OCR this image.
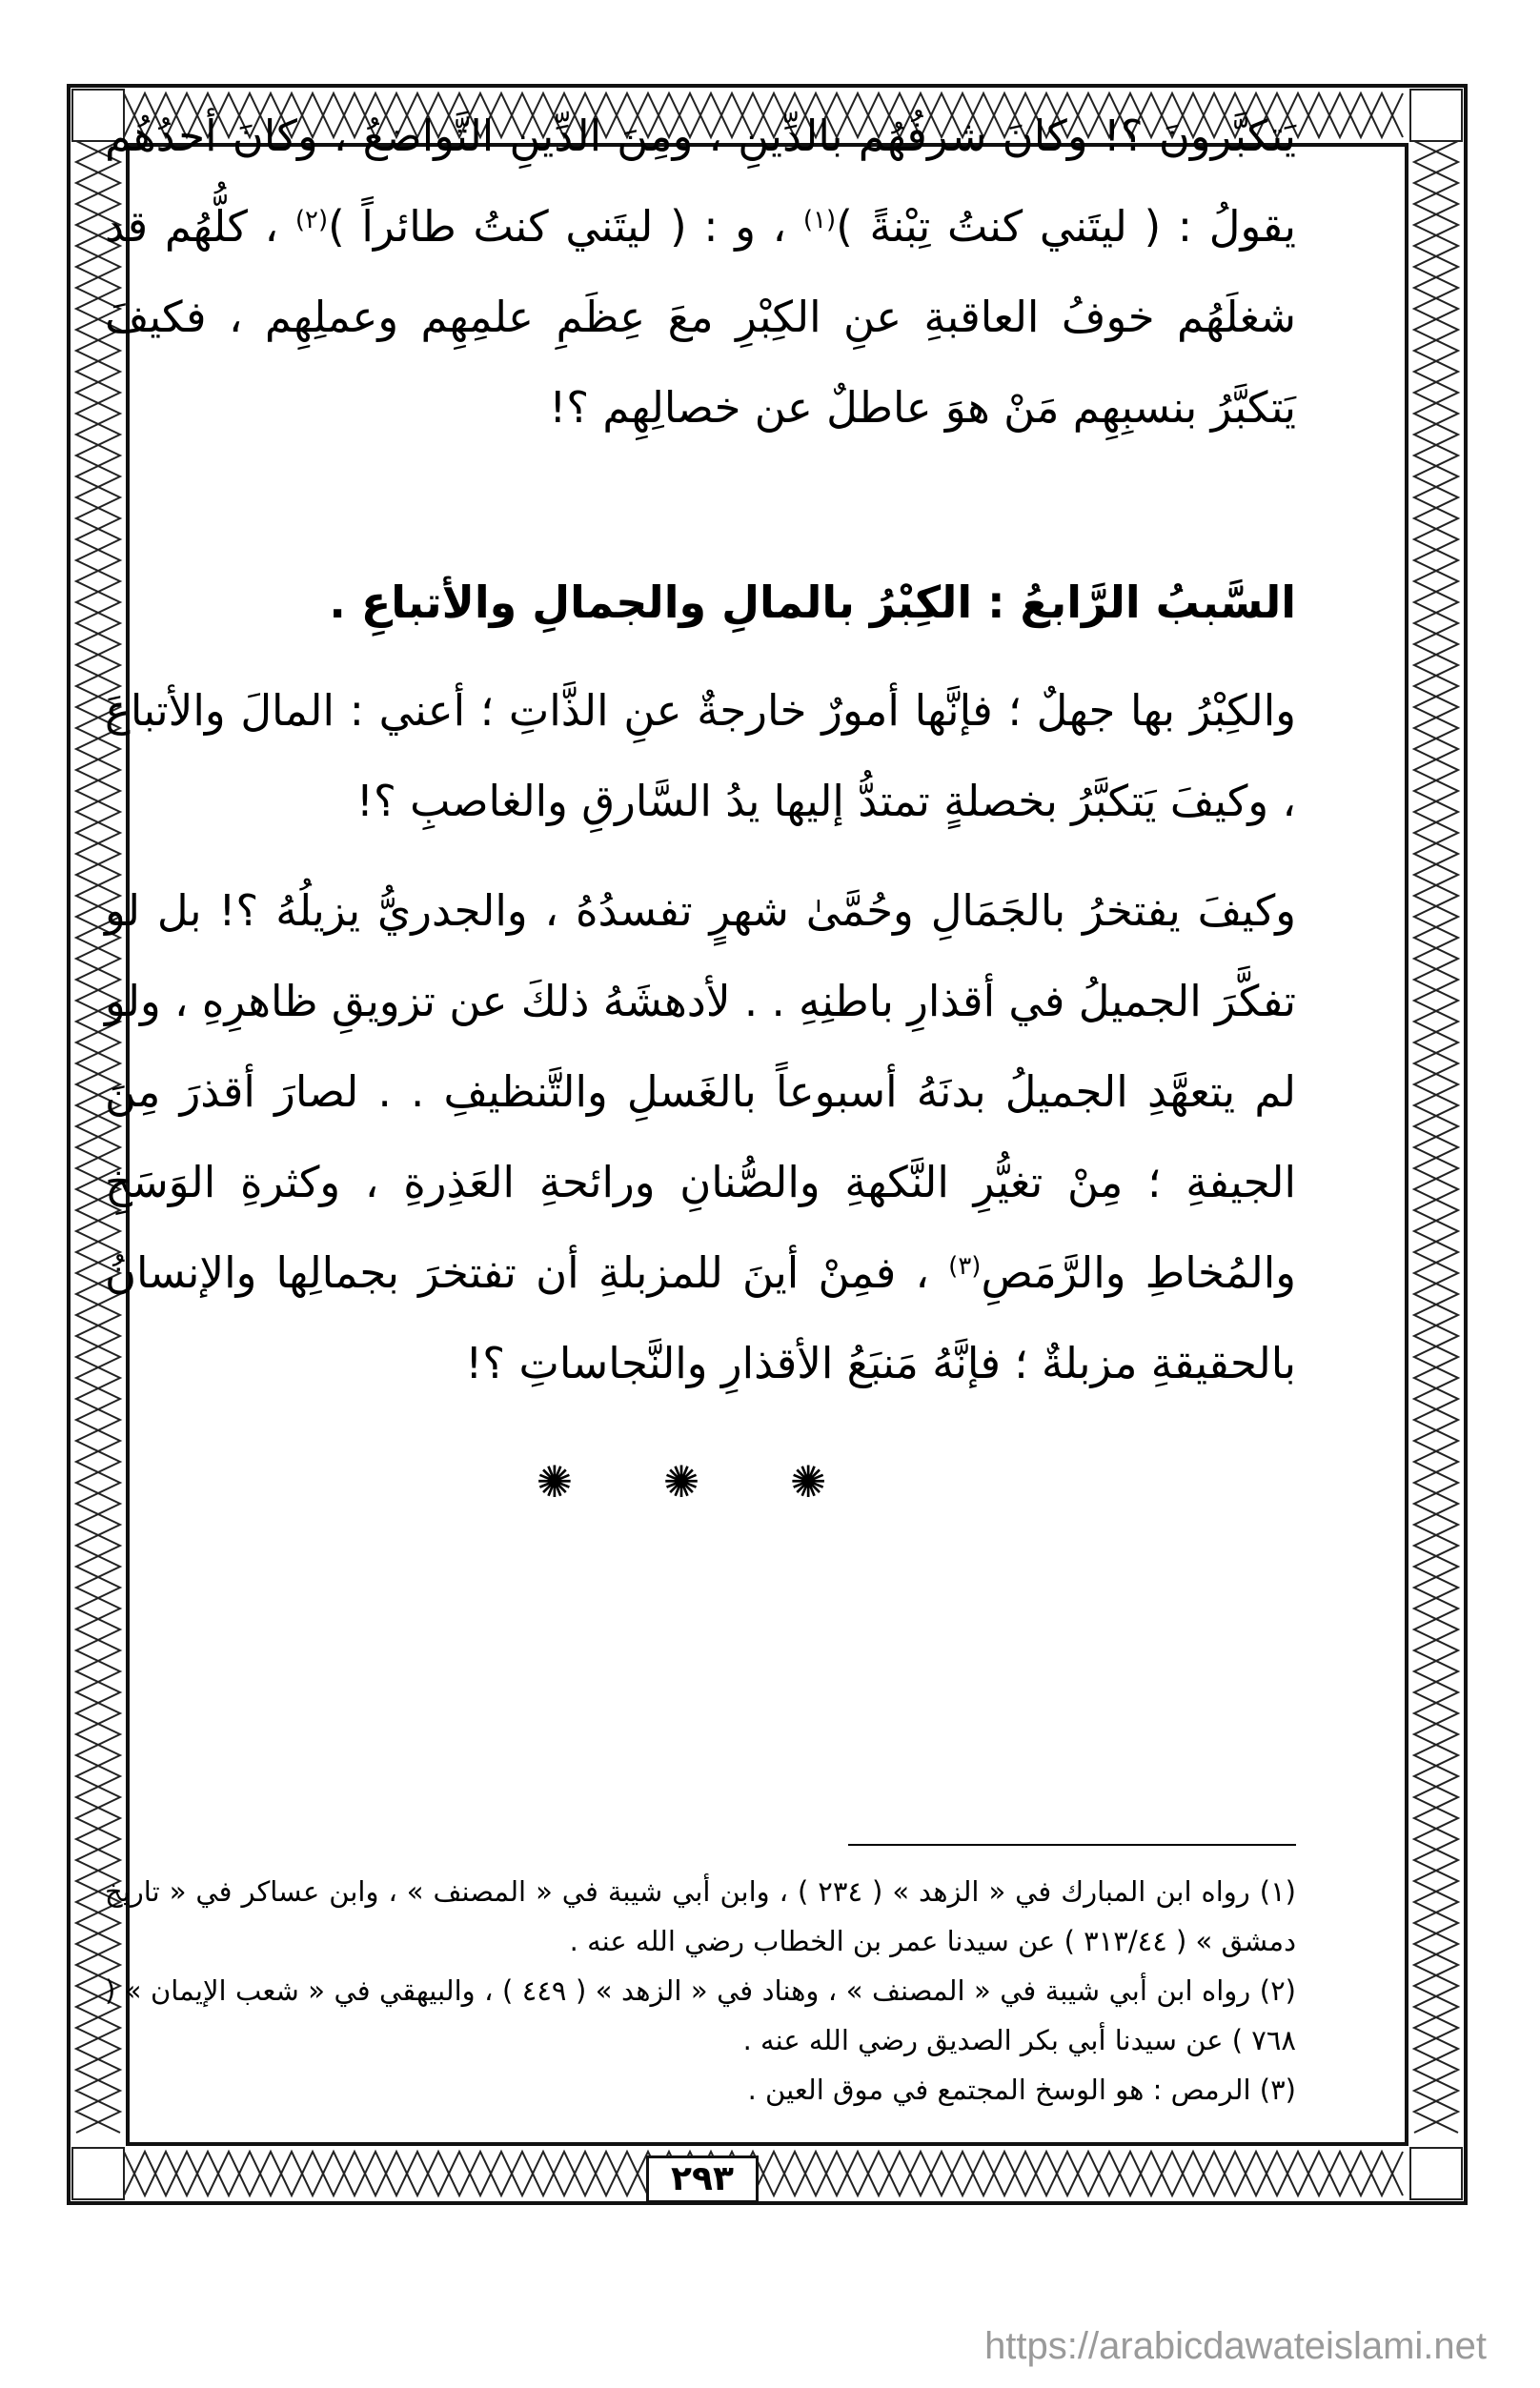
يَتكبَّرونَ ؟! وكانَ شرفُهُم بالدِّينِ ، ومِنَ الدِّينِ التَّواضعُ ، وكانَ أحدُهُم يقولُ : ( ليتَني كنتُ تِبْنةً )$^{(١)}$ ، و : ( ليتَني كنتُ طائراً )$^{(٢)}$ ، كلُّهُم قد شغلَهُم خوفُ العاقبةِ عنِ الكِبْرِ معَ عِظَمِ علمِهِم وعملِهِم ، فكيفَ يَتكبَّرُ بنسبِهِم مَنْ هوَ عاطلٌ عن خصالِهِم ؟!

السَّببُ الرَّابعُ : الكِبْرُ بالمالِ والجمالِ والأتباعِ .

والكِبْرُ بها جهلٌ ؛ فإنَّها أمورٌ خارجةٌ عنِ الذَّاتِ ؛ أعني : المالَ والأتباعَ ، وكيفَ يَتكبَّرُ بخصلةٍ تمتدُّ إليها يدُ السَّارقِ والغاصبِ ؟!

وكيفَ يفتخرُ بالجَمَالِ وحُمَّىٰ شهرٍ تفسدُهُ ، والجدريُّ يزيلُهُ ؟! بل لو تفكَّرَ الجميلُ في أقذارِ باطنِهِ . . لأدهشَهُ ذلكَ عن تزويقِ ظاهرِهِ ، ولو لم يتعهَّدِ الجميلُ بدنَهُ أسبوعاً بالغَسلِ والتَّنظيفِ . . لصارَ أقذرَ مِنَ الجيفةِ ؛ مِنْ تغيُّرِ النَّكهةِ والصُّنانِ ورائحةِ العَذِرةِ ، وكثرةِ الوَسَخِ والمُخاطِ والرَّمَصِ$^{(٣)}$ ، فمِنْ أينَ للمزبلةِ أن تفتخرَ بجمالِها والإنسانُ بالحقيقةِ مزبلةٌ ؛ فإنَّهُ مَنبَعُ الأقذارِ والنَّجاساتِ ؟!

✺ ✺ ✺

(١) رواه ابن المبارك في « الزهد » ( ٢٣٤ ) ، وابن أبي شيبة في « المصنف » ، وابن عساكر في « تاريخ دمشق » ( ٣١٣/٤٤ ) عن سيدنا عمر بن الخطاب رضي الله عنه .

(٢) رواه ابن أبي شيبة في « المصنف » ، وهناد في « الزهد » ( ٤٤٩ ) ، والبيهقي في « شعب الإيمان » ( ٧٦٨ ) عن سيدنا أبي بكر الصديق رضي الله عنه .

(٣) الرمص : هو الوسخ المجتمع في موق العين .

٢٩٣
https://arabicdawateislami.net
